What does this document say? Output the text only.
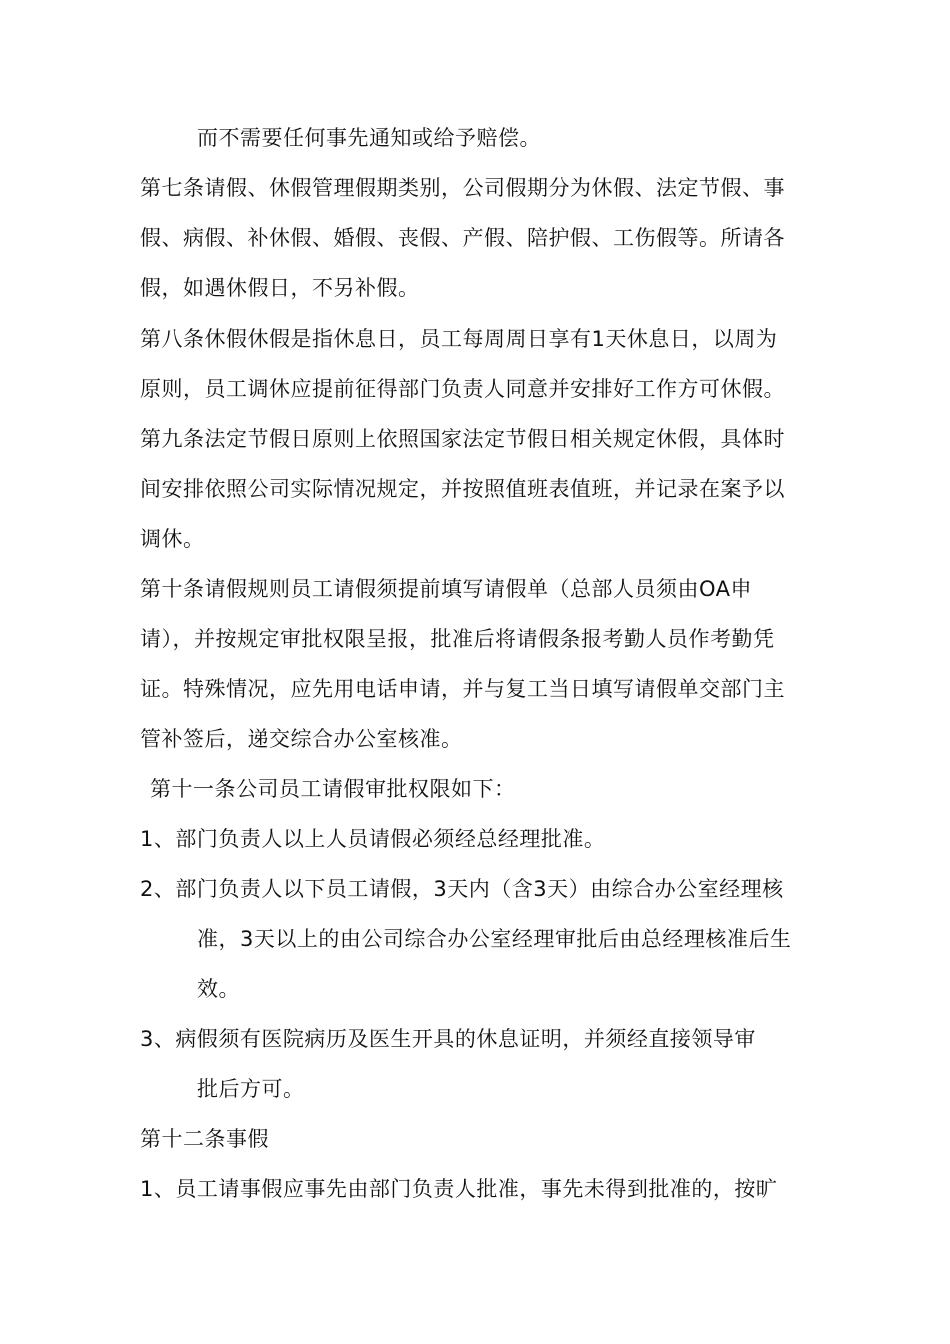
而不需要任何事先通知或给予赔偿。
第七条请假、休假管理假期类别，公司假期分为休假、法定节假、事
假、病假、补休假、婚假、丧假、产假、陪护假、工伤假等。所请各
假，如遇休假日，不另补假。
第八条休假休假是指休息日，员工每周周日享有1天休息日，以周为
原则，员工调休应提前征得部门负责人同意并安排好工作方可休假。
第九条法定节假日原则上依照国家法定节假日相关规定休假，具体时
间安排依照公司实际情况规定，并按照值班表值班，并记录在案予以
调休。
第十条请假规则员工请假须提前填写请假单（总部人员须由OA申
请），并按规定审批权限呈报，批准后将请假条报考勤人员作考勤凭
证。特殊情况，应先用电话申请，并与复工当日填写请假单交部门主
管补签后，递交综合办公室核准。
第十一条公司员工请假审批权限如下：
1、部门负责人以上人员请假必须经总经理批准。
2、部门负责人以下员工请假，3天内（含3天）由综合办公室经理核
准，3天以上的由公司综合办公室经理审批后由总经理核准后生
效。
3、病假须有医院病历及医生开具的休息证明，并须经直接领导审
批后方可。
第十二条事假
1、员工请事假应事先由部门负责人批准，事先未得到批准的，按旷
